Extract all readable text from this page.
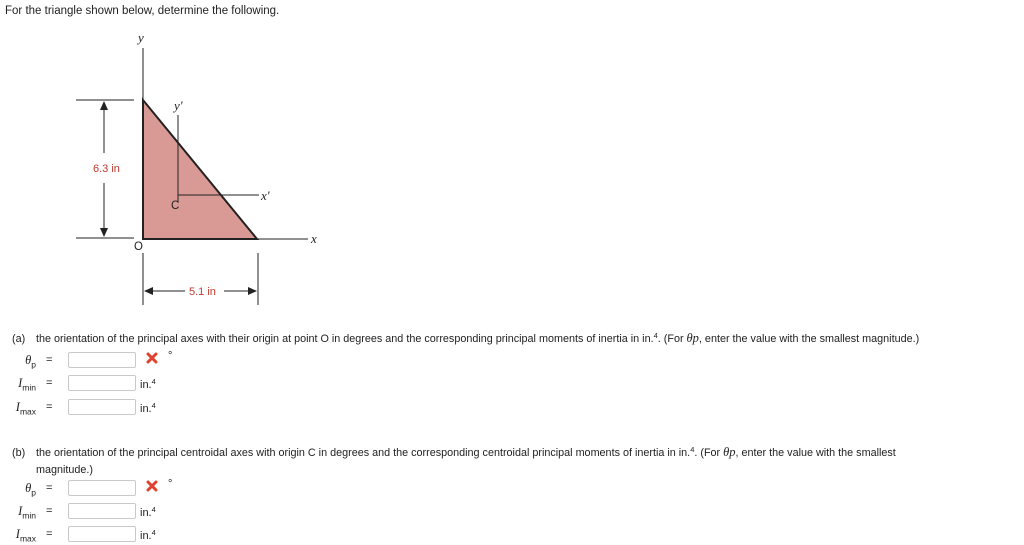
For the triangle shown below, determine the following.
y
y'
x'
x
O
C
6.3 in
5.1 in
(a) the orientation of the principal axes with their origin at point O in degrees and the corresponding principal moments of inertia in in.$^4$. (For θp, enter the value with the smallest magnitude.)
$\theta_p$ =	°
$I_{min}$ =	in.$^4$
$I_{max}$ =	in.$^4$
(b) the orientation of the principal centroidal axes with origin C in degrees and the corresponding centroidal principal moments of inertia in in.$^4$. (For θp, enter the value with the smallest
magnitude.)
$\theta_p$ =	°
$I_{min}$ =	in.$^4$
$I_{max}$ =	in.$^4$
